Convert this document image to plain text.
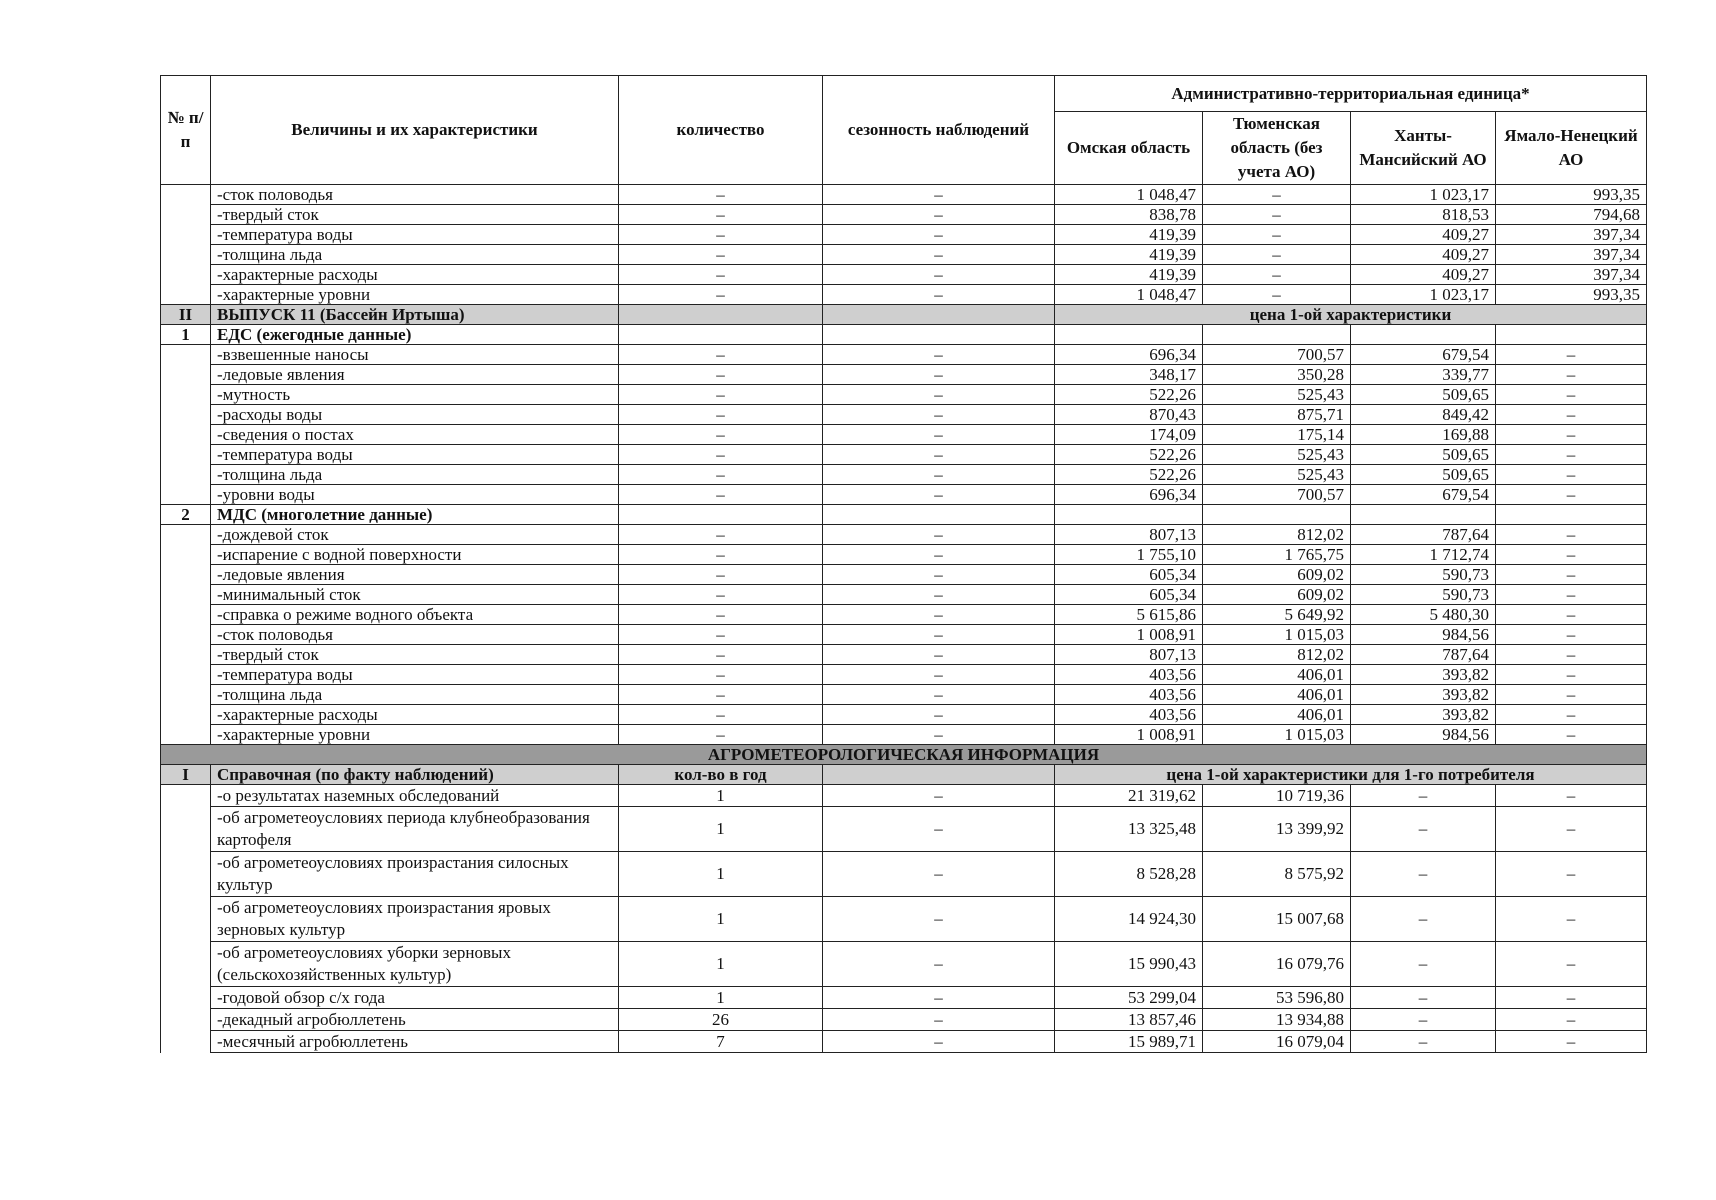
№ п/п	Величины и их характеристики	количество	сезонность наблюдений	Административно-территориальная единица*			
				Омская область	Тюменская область (без учета АО)	Ханты-Мансийский АО	Ямало-Ненецкий АО
	-сток половодья	–	–	1 048,47	–	1 023,17	993,35
	-твердый сток	–	–	838,78	–	818,53	794,68
	-температура воды	–	–	419,39	–	409,27	397,34
	-толщина льда	–	–	419,39	–	409,27	397,34
	-характерные расходы	–	–	419,39	–	409,27	397,34
	-характерные уровни	–	–	1 048,47	–	1 023,17	993,35
II	ВЫПУСК 11 (Бассейн Иртыша)			цена 1-ой характеристики			
1	ЕДС (ежегодные данные)						
	-взвешенные наносы	–	–	696,34	700,57	679,54	–
	-ледовые явления	–	–	348,17	350,28	339,77	–
	-мутность	–	–	522,26	525,43	509,65	–
	-расходы воды	–	–	870,43	875,71	849,42	–
	-сведения о постах	–	–	174,09	175,14	169,88	–
	-температура воды	–	–	522,26	525,43	509,65	–
	-толщина льда	–	–	522,26	525,43	509,65	–
	-уровни воды	–	–	696,34	700,57	679,54	–
2	МДС (многолетние данные)						
	-дождевой сток	–	–	807,13	812,02	787,64	–
	-испарение с водной поверхности	–	–	1 755,10	1 765,75	1 712,74	–
	-ледовые явления	–	–	605,34	609,02	590,73	–
	-минимальный сток	–	–	605,34	609,02	590,73	–
	-справка о режиме водного объекта	–	–	5 615,86	5 649,92	5 480,30	–
	-сток половодья	–	–	1 008,91	1 015,03	984,56	–
	-твердый сток	–	–	807,13	812,02	787,64	–
	-температура воды	–	–	403,56	406,01	393,82	–
	-толщина льда	–	–	403,56	406,01	393,82	–
	-характерные расходы	–	–	403,56	406,01	393,82	–
	-характерные уровни	–	–	1 008,91	1 015,03	984,56	–
АГРОМЕТЕОРОЛОГИЧЕСКАЯ ИНФОРМАЦИЯ							
I	Справочная (по факту наблюдений)	кол-во в год		цена 1-ой характеристики для 1-го потребителя			
	-о результатах наземных обследований	1	–	21 319,62	10 719,36	–	–
	-об агрометеоусловиях периода клубнеобразования картофеля	1	–	13 325,48	13 399,92	–	–
	-об агрометеоусловиях произрастания силосных культур	1	–	8 528,28	8 575,92	–	–
	-об агрометеоусловиях произрастания яровых зерновых культур	1	–	14 924,30	15 007,68	–	–
	-об агрометеоусловиях уборки зерновых (сельскохозяйственных культур)	1	–	15 990,43	16 079,76	–	–
	-годовой обзор с/х года	1	–	53 299,04	53 596,80	–	–
	-декадный агробюллетень	26	–	13 857,46	13 934,88	–	–
	-месячный агробюллетень	7	–	15 989,71	16 079,04	–	–
